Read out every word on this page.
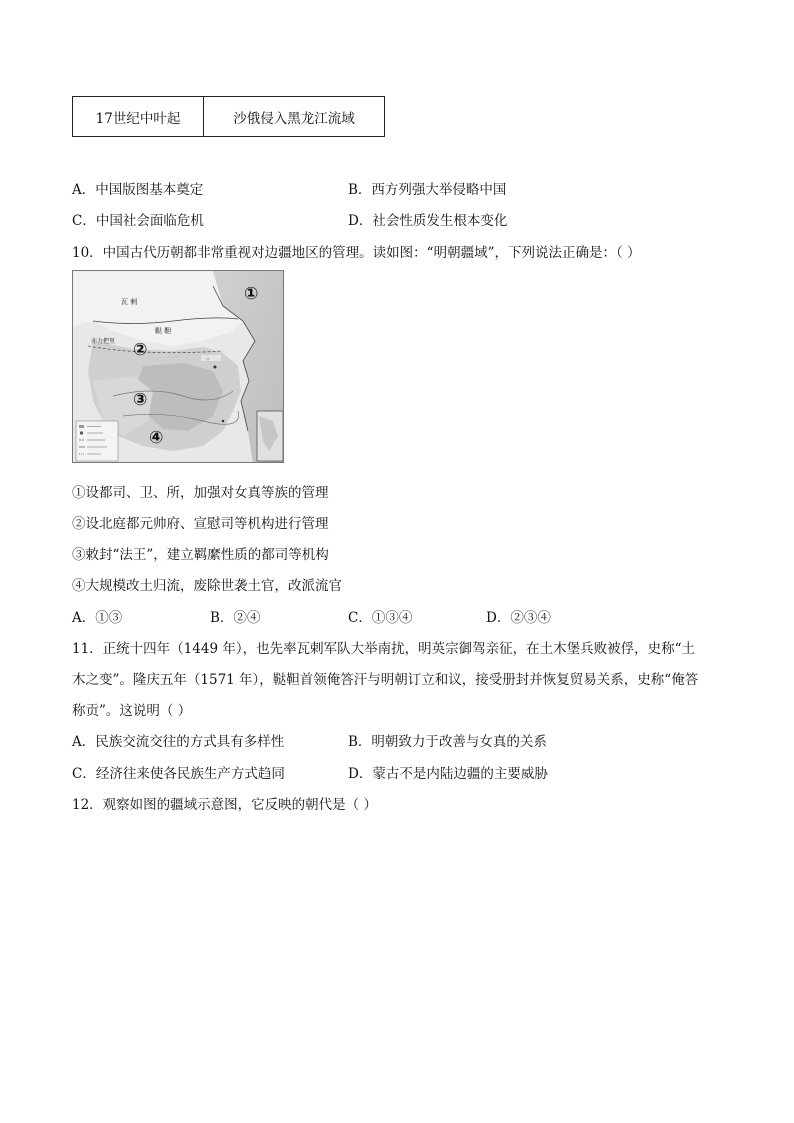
17世纪中叶起	沙俄侵入黑龙江流域
A．中国版图基本奠定	B．西方列强大举侵略中国
C．中国社会面临危机	D．社会性质发生根本变化
10．中国古代历朝都非常重视对边疆地区的管理。读如图：“明朝疆域”，下列说法正确是：（ ）
瓦 剌
鞑 靼
亦力把里
①
②
③
④
①设都司、卫、所，加强对女真等族的管理
②设北庭都元帅府、宣慰司等机构进行管理
③敕封“法王”，建立羁縻性质的都司等机构
④大规模改土归流，废除世袭土官，改派流官
A．①③	B．②④	C．①③④	D．②③④
11．正统十四年（1449 年），也先率瓦剌军队大举南扰，明英宗御驾亲征，在土木堡兵败被俘，史称“土
木之变”。隆庆五年（1571 年），鞑靼首领俺答汗与明朝订立和议，接受册封并恢复贸易关系，史称“俺答
称贡”。这说明（ ）
A．民族交流交往的方式具有多样性	B．明朝致力于改善与女真的关系
C．经济往来使各民族生产方式趋同	D．蒙古不是内陆边疆的主要威胁
12．观察如图的疆域示意图，它反映的朝代是（ ）
